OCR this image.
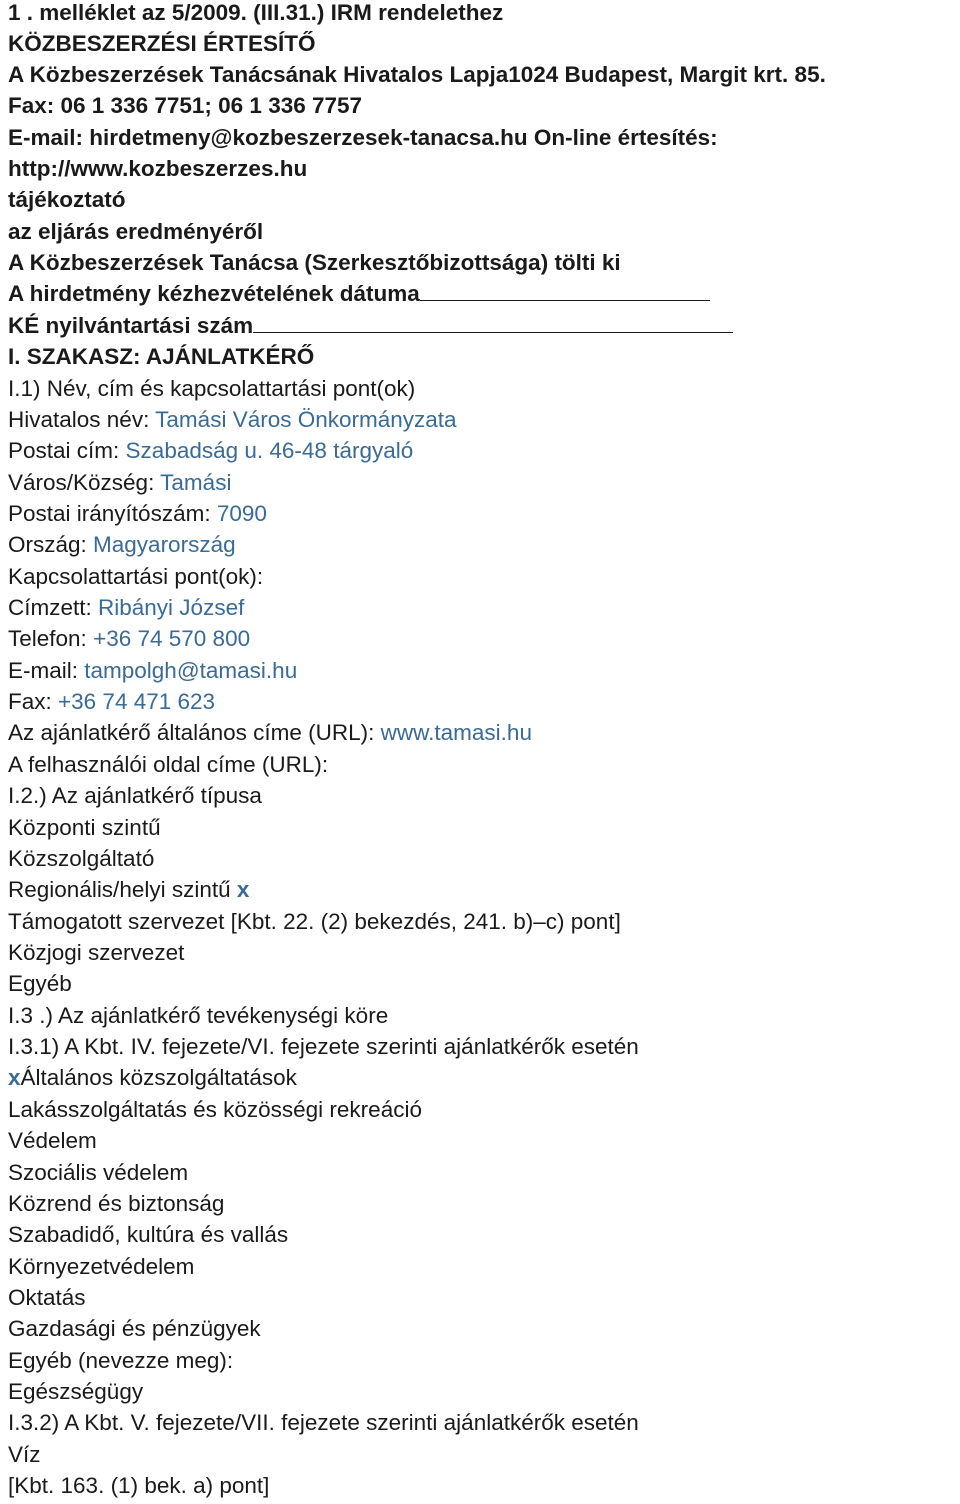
1 . melléklet az 5/2009. (III.31.) IRM rendelethez
KÖZBESZERZÉSI ÉRTESÍTŐ
A Közbeszerzések Tanácsának Hivatalos Lapja1024 Budapest, Margit krt. 85.
Fax: 06 1 336 7751; 06 1 336 7757
E-mail: hirdetmeny@kozbeszerzesek-tanacsa.hu On-line értesítés:
http://www.kozbeszerzes.hu
tájékoztató
az eljárás eredményéről
A Közbeszerzések Tanácsa (Szerkesztőbizottsága) tölti ki
A hirdetmény kézhezvételének dátuma
KÉ nyilvántartási szám
I. SZAKASZ: AJÁNLATKÉRŐ
I.1) Név, cím és kapcsolattartási pont(ok)
Hivatalos név: Tamási Város Önkormányzata
Postai cím: Szabadság u. 46-48 tárgyaló
Város/Község: Tamási
Postai irányítószám: 7090
Ország: Magyarország
Kapcsolattartási pont(ok):
Címzett: Ribányi József
Telefon: +36 74 570 800
E-mail: tampolgh@tamasi.hu
Fax: +36 74 471 623
Az ajánlatkérő általános címe (URL): www.tamasi.hu
A felhasználói oldal címe (URL):
I.2.) Az ajánlatkérő típusa
Központi szintű
Közszolgáltató
Regionális/helyi szintű x
Támogatott szervezet [Kbt. 22. (2) bekezdés, 241. b)–c) pont]
Közjogi szervezet
Egyéb
I.3 .) Az ajánlatkérő tevékenységi köre
I.3.1) A Kbt. IV. fejezete/VI. fejezete szerinti ajánlatkérők esetén
xÁltalános közszolgáltatások
Lakásszolgáltatás és közösségi rekreáció
Védelem
Szociális védelem
Közrend és biztonság
Szabadidő, kultúra és vallás
Környezetvédelem
Oktatás
Gazdasági és pénzügyek
Egyéb (nevezze meg):
Egészségügy
I.3.2) A Kbt. V. fejezete/VII. fejezete szerinti ajánlatkérők esetén
Víz
[Kbt. 163. (1) bek. a) pont]
